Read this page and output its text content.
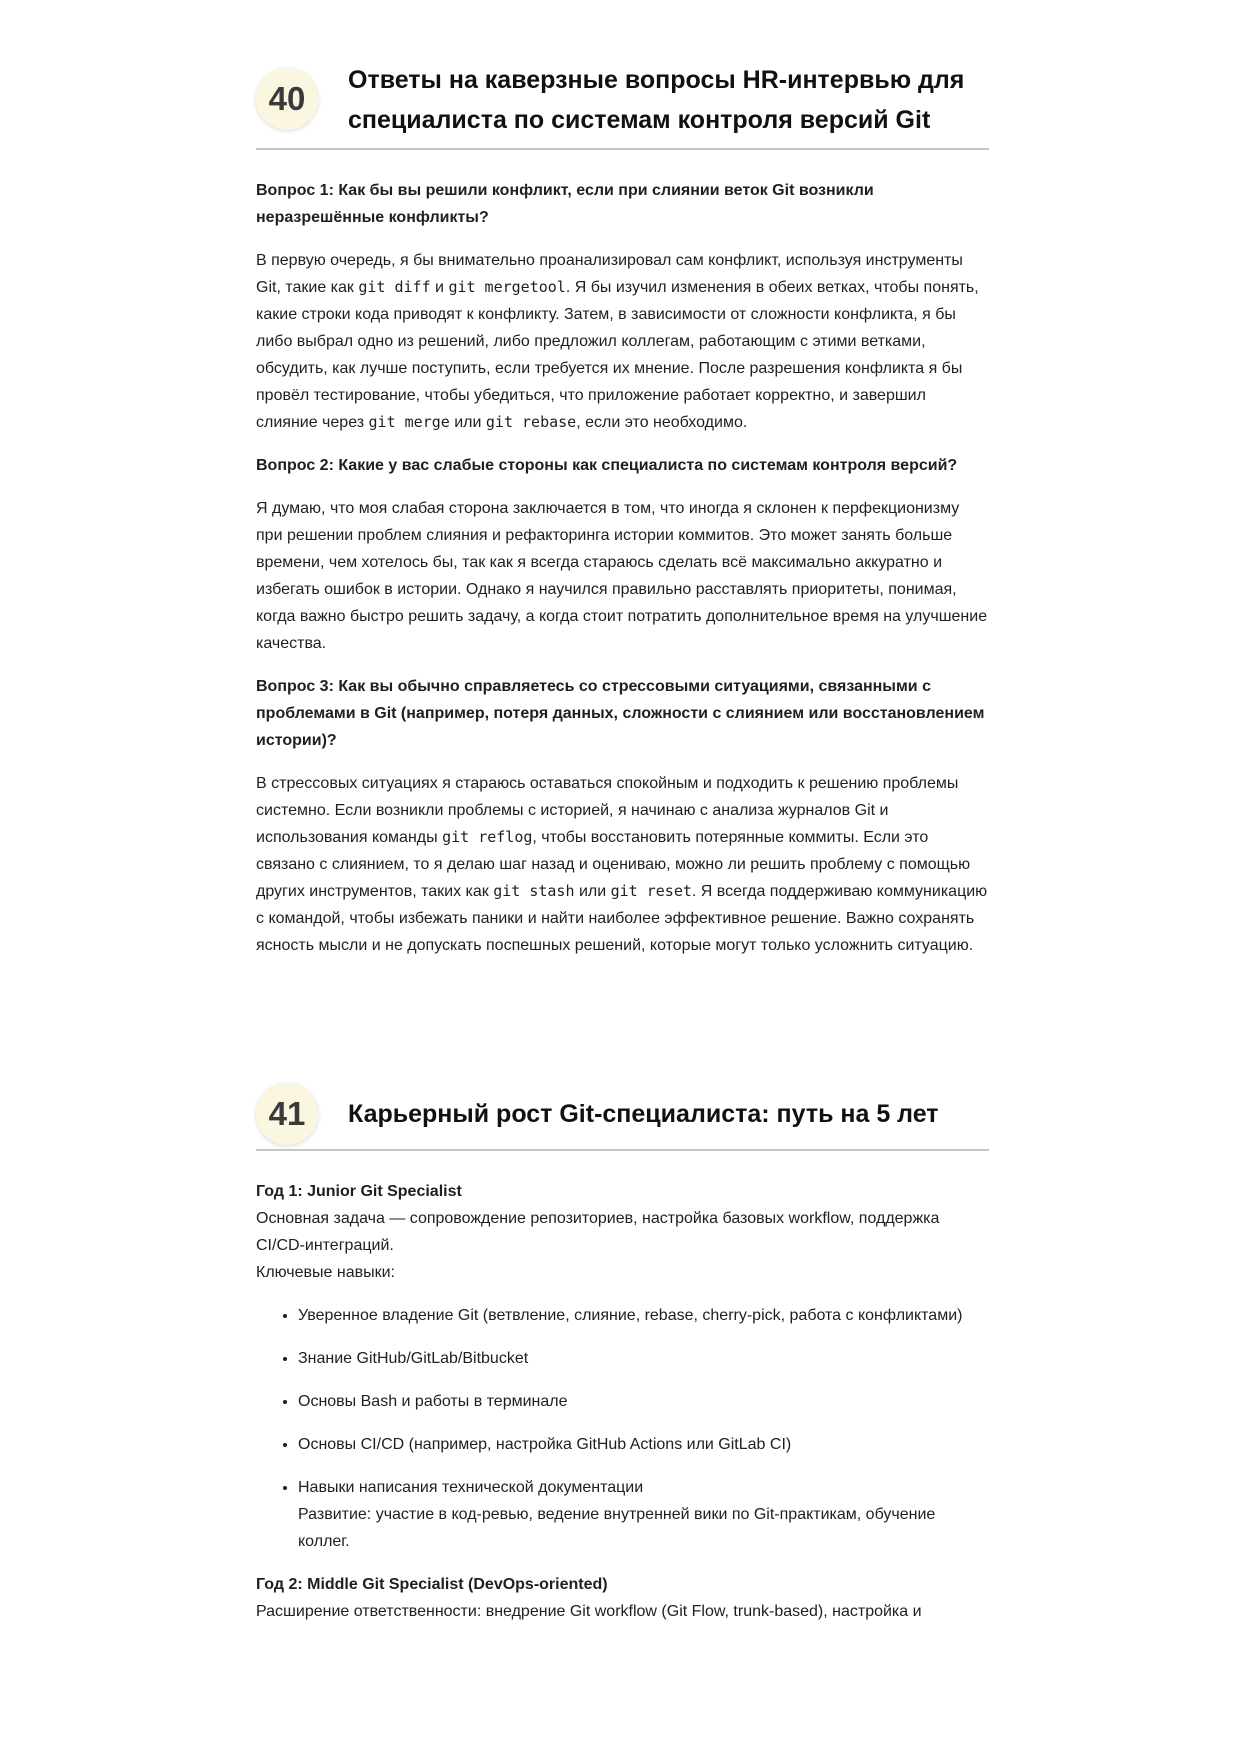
40	Ответы на каверзные вопросы HR-интервью для специалиста по системам контроля версий Git

Вопрос 1: Как бы вы решили конфликт, если при слиянии веток Git возникли неразрешённые конфликты?

В первую очередь, я бы внимательно проанализировал сам конфликт, используя инструменты Git, такие как git diff и git mergetool. Я бы изучил изменения в обеих ветках, чтобы понять, какие строки кода приводят к конфликту. Затем, в зависимости от сложности конфликта, я бы либо выбрал одно из решений, либо предложил коллегам, работающим с этими ветками, обсудить, как лучше поступить, если требуется их мнение. После разрешения конфликта я бы провёл тестирование, чтобы убедиться, что приложение работает корректно, и завершил слияние через git merge или git rebase, если это необходимо.

Вопрос 2: Какие у вас слабые стороны как специалиста по системам контроля версий?

Я думаю, что моя слабая сторона заключается в том, что иногда я склонен к перфекционизму при решении проблем слияния и рефакторинга истории коммитов. Это может занять больше времени, чем хотелось бы, так как я всегда стараюсь сделать всё максимально аккуратно и избегать ошибок в истории. Однако я научился правильно расставлять приоритеты, понимая, когда важно быстро решить задачу, а когда стоит потратить дополнительное время на улучшение качества.

Вопрос 3: Как вы обычно справляетесь со стрессовыми ситуациями, связанными с проблемами в Git (например, потеря данных, сложности с слиянием или восстановлением истории)?

В стрессовых ситуациях я стараюсь оставаться спокойным и подходить к решению проблемы системно. Если возникли проблемы с историей, я начинаю с анализа журналов Git и использования команды git reflog, чтобы восстановить потерянные коммиты. Если это связано с слиянием, то я делаю шаг назад и оцениваю, можно ли решить проблему с помощью других инструментов, таких как git stash или git reset. Я всегда поддерживаю коммуникацию с командой, чтобы избежать паники и найти наиболее эффективное решение. Важно сохранять ясность мысли и не допускать поспешных решений, которые могут только усложнить ситуацию.

41	Карьерный рост Git-специалиста: путь на 5 лет

Год 1: Junior Git Specialist

Основная задача — сопровождение репозиториев, настройка базовых workflow, поддержка CI/CD-интеграций.

Ключевые навыки:

• Уверенное владение Git (ветвление, слияние, rebase, cherry-pick, работа с конфликтами)
• Знание GitHub/GitLab/Bitbucket
• Основы Bash и работы в терминале
• Основы CI/CD (например, настройка GitHub Actions или GitLab CI)
• Навыки написания технической документации
Развитие: участие в код-ревью, ведение внутренней вики по Git-практикам, обучение коллег.

Год 2: Middle Git Specialist (DevOps-oriented)

Расширение ответственности: внедрение Git workflow (Git Flow, trunk-based), настройка и
